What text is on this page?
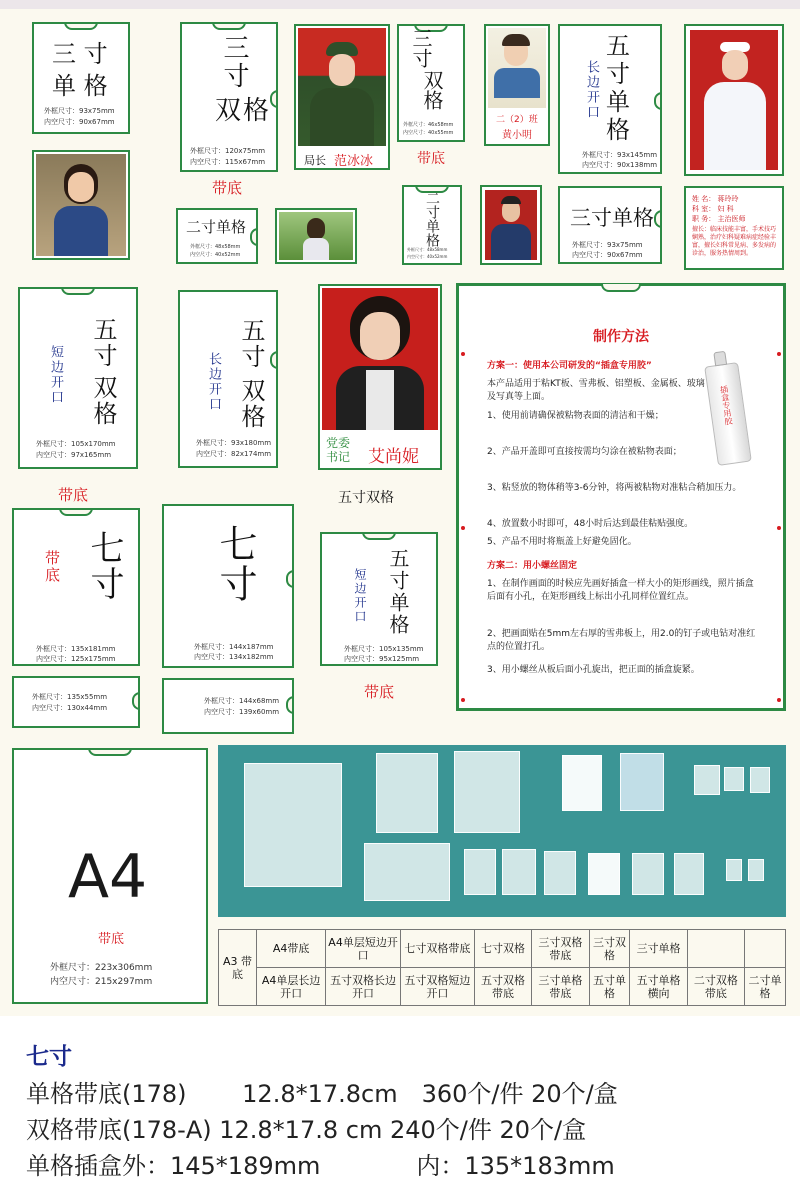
三 寸
单 格
外框尺寸：93x75mm
内空尺寸：90x67mm
三寸
外框尺寸：120x75mm
内空尺寸：115x67mm
双格
带底
局长 范冰冰
三寸
外框尺寸：46x58mm
内空尺寸：40x55mm
双格
带底
二（2）班
黄小明
长边开口
五寸单格
外框尺寸：93x145mm
内空尺寸：90x138mm
二寸单格
外框尺寸：48x58mm
内空尺寸：40x52mm
二寸
单格
外框尺寸：48x58mm
内空尺寸：40x52mm
三寸单格
外框尺寸：93x75mm
内空尺寸：90x67mm
姓 名： 蒋玲玲
科 室： 妇 科
职 务： 主治医师
擅长：临床技能丰富，手术技巧娴熟，治疗妇科疑难病症经验丰富，擅长妇科常见病、多发病的诊治，服务热情周到。
短边开口
五寸
双格
外框尺寸：105x170mm
内空尺寸：97x165mm
带底
长边开口
五寸
双格
外框尺寸：93x180mm
内空尺寸：82x174mm
党委书记	艾尚妮
五寸双格
制作方法

方案一：使用本公司研发的“插盒专用胶”

本产品适用于粘KT板、雪弗板、铝塑板、金属板、玻璃及写真等上面。

1、使用前请确保被粘物表面的清洁和干燥；

2、产品开盖即可直接按需均匀涂在被粘物表面；

3、粘竖放的物体稍等3-6分钟，将两被粘物对准粘合稍加压力。

4、放置数小时即可，48小时后达到最佳粘贴强度。

5、产品不用时将瓶盖上好避免固化。

方案二：用小螺丝固定

1、在制作画面的时候应先画好插盒一样大小的矩形画线，照片插盒后面有小孔，在矩形画线上标出小孔同样位置红点。

2、把画面贴在5mm左右厚的雪弗板上，用2.0的钉子或电钻对准红点的位置打孔。

3、用小螺丝从板后面小孔旋出，把正面的插盒旋紧。

插盒专用胶
带底 七寸
外框尺寸：135x181mm
内空尺寸：125x175mm
七寸
外框尺寸：144x187mm
内空尺寸：134x182mm
短边开口 五寸
单格
外框尺寸：105x135mm
内空尺寸：95x125mm
带底
外框尺寸：135x55mm
内空尺寸：130x44mm
外框尺寸：144x68mm
内空尺寸：139x60mm
A4
带底
外框尺寸：223x306mm
内空尺寸：215x297mm
A3 带底	A4带底	A4单层短边开口	七寸双格带底	七寸双格	三寸双格带底	三寸双格	三寸单格		
	A4单层长边开口	五寸双格长边开口	五寸双格短边开口	五寸双格带底	三寸单格带底	五寸单格	五寸单格横向	二寸双格带底	二寸单格
七寸
单格带底(178)　　 12.8*17.8cm　360个/件 20个/盒
双格带底(178-A) 12.8*17.8 cm 240个/件 20个/盒
单格插盒外：145*189mm　　　　内：135*183mm
